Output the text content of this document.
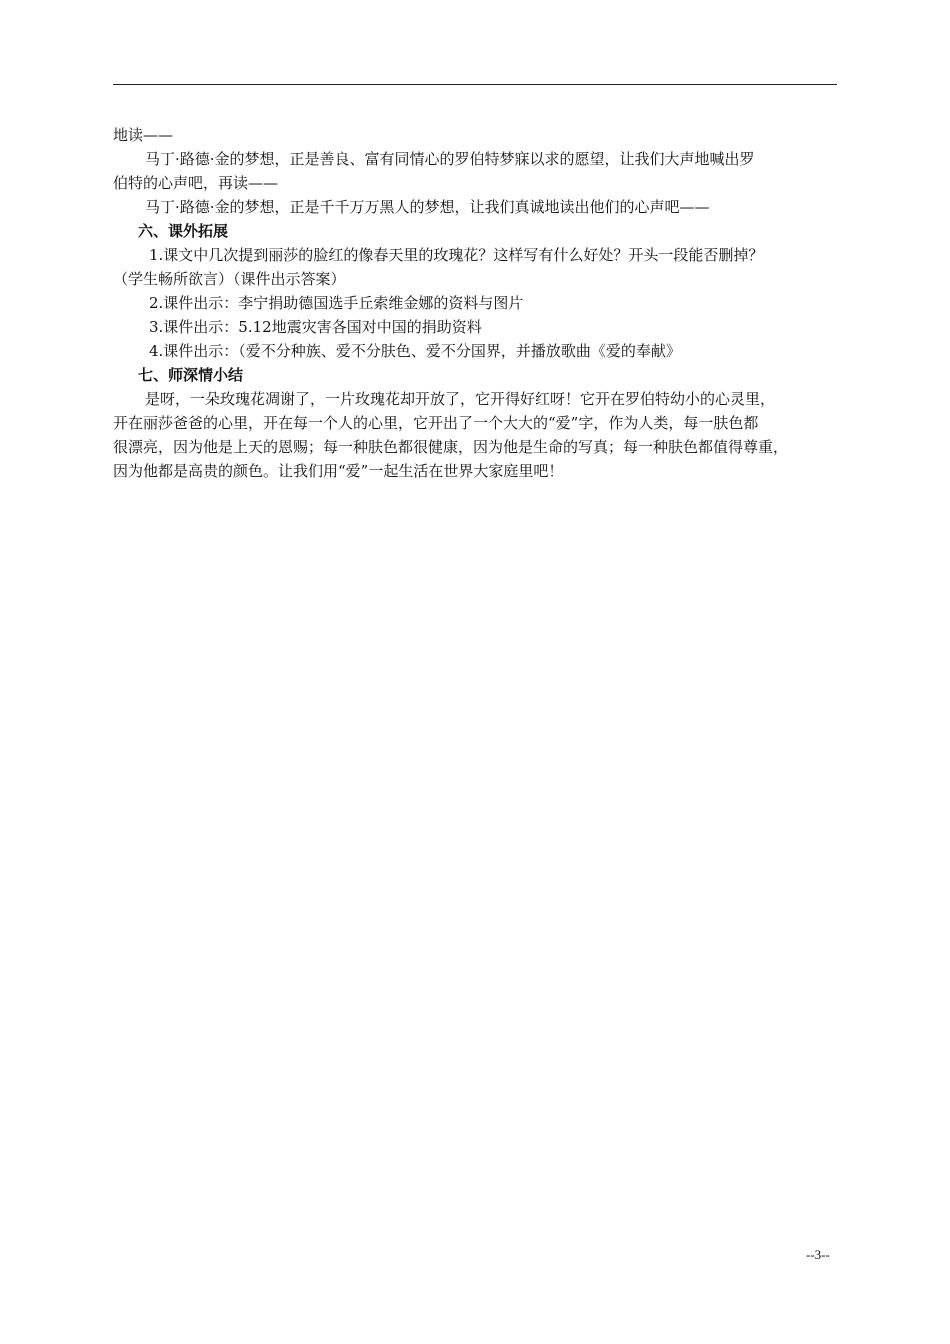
地读——

马丁·路德·金的梦想，正是善良、富有同情心的罗伯特梦寐以求的愿望，让我们大声地喊出罗

伯特的心声吧，再读——

马丁·路德·金的梦想，正是千千万万黑人的梦想，让我们真诚地读出他们的心声吧——

六、课外拓展

1.课文中几次提到丽莎的脸红的像春天里的玫瑰花？这样写有什么好处？开头一段能否删掉？

（学生畅所欲言）（课件出示答案）

2.课件出示：李宁捐助德国选手丘索维金娜的资料与图片

3.课件出示：5.12地震灾害各国对中国的捐助资料

4.课件出示：（爱不分种族、爱不分肤色、爱不分国界，并播放歌曲《爱的奉献》

七、师深情小结

是呀，一朵玫瑰花凋谢了，一片玫瑰花却开放了，它开得好红呀！它开在罗伯特幼小的心灵里，

开在丽莎爸爸的心里，开在每一个人的心里，它开出了一个大大的“爱”字，作为人类，每一肤色都

很漂亮，因为他是上天的恩赐；每一种肤色都很健康，因为他是生命的写真；每一种肤色都值得尊重，

因为他都是高贵的颜色。让我们用“爱”一起生活在世界大家庭里吧！

--3--
